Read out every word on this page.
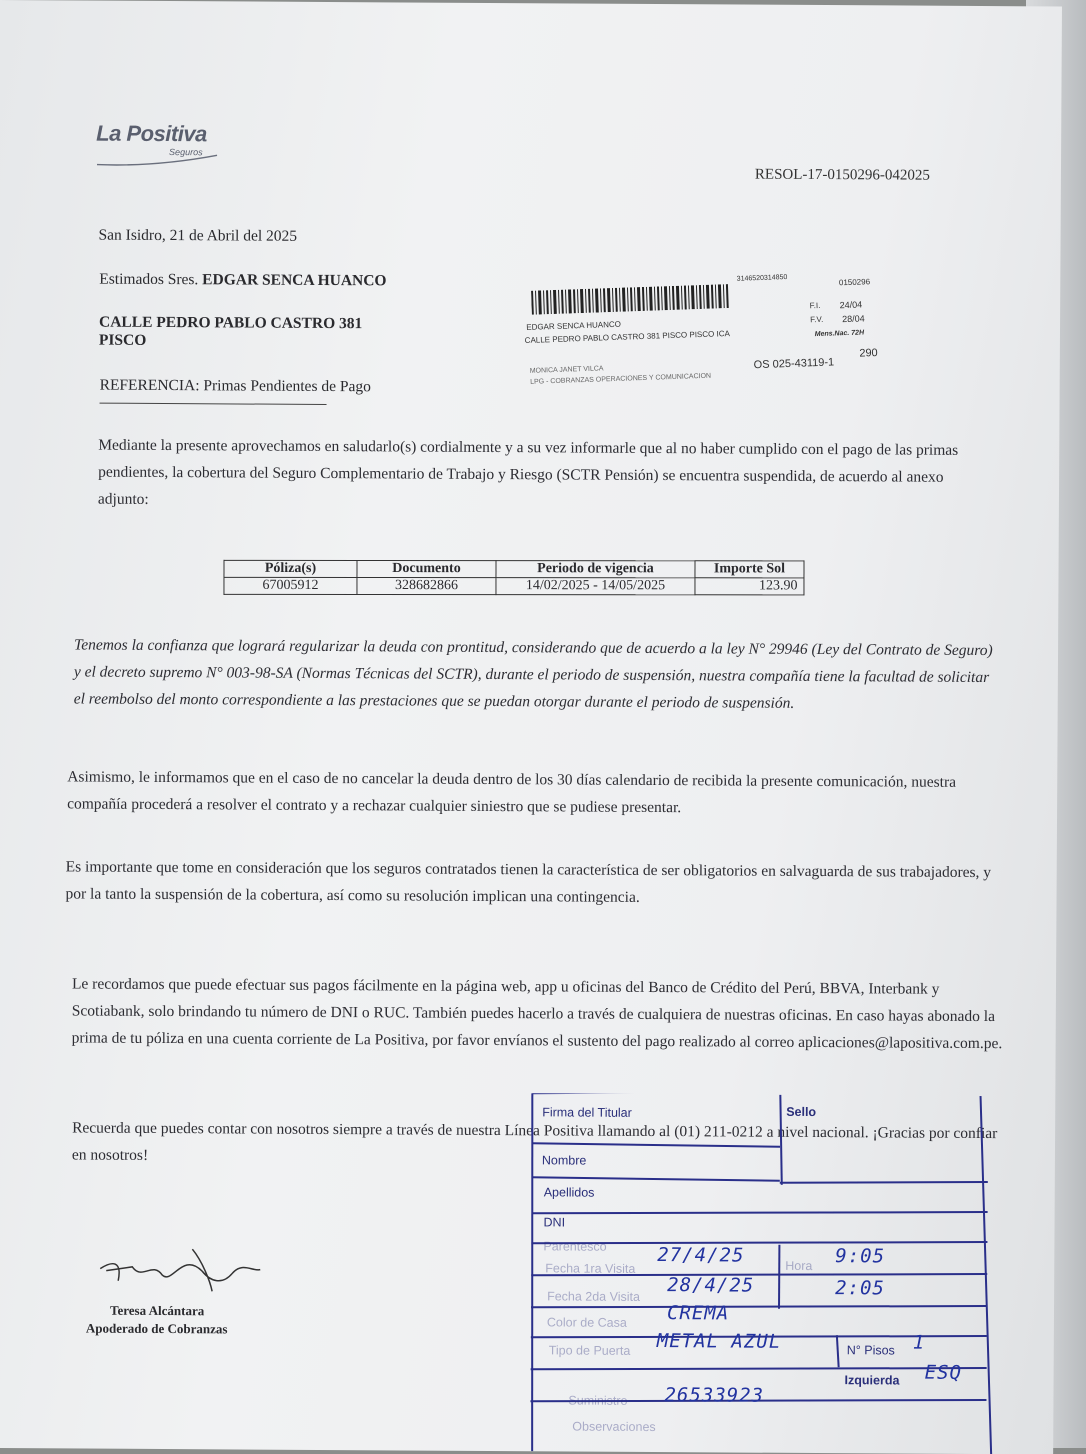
La Positiva
Seguros
RESOL-17-0150296-042025
San Isidro, 21 de Abril del 2025
Estimados Sres. EDGAR SENCA HUANCO
CALLE PEDRO PABLO CASTRO 381
PISCO
REFERENCIA: Primas Pendientes de Pago
3146520314850	0150296
EDGAR SENCA HUANCO
CALLE PEDRO PABLO CASTRO 381 PISCO PISCO ICA
F.I. 24/04
F.V. 28/04
Mens.Nac. 72H
MONICA JANET VILCA
LPG - COBRANZAS OPERACIONES Y COMUNICACION
OS 025-43119-1
290
Mediante la presente aprovechamos en saludarlo(s) cordialmente y a su vez informarle que al no haber cumplido con el pago de las primas pendientes, la cobertura del Seguro Complementario de Trabajo y Riesgo (SCTR Pensión) se encuentra suspendida, de acuerdo al anexo adjunto:
Póliza(s)	Documento	Periodo de vigencia	Importe Sol
67005912	328682866	14/02/2025 - 14/05/2025	123.90
Tenemos la confianza que logrará regularizar la deuda con prontitud, considerando que de acuerdo a la ley N° 29946 (Ley del Contrato de Seguro) y el decreto supremo N° 003-98-SA (Normas Técnicas del SCTR), durante el periodo de suspensión, nuestra compañía tiene la facultad de solicitar el reembolso del monto correspondiente a las prestaciones que se puedan otorgar durante el periodo de suspensión.
Asimismo, le informamos que en el caso de no cancelar la deuda dentro de los 30 días calendario de recibida la presente comunicación, nuestra compañía procederá a resolver el contrato y a rechazar cualquier siniestro que se pudiese presentar.
Es importante que tome en consideración que los seguros contratados tienen la característica de ser obligatorios en salvaguarda de sus trabajadores, y por la tanto la suspensión de la cobertura, así como su resolución implican una contingencia.
Le recordamos que puede efectuar sus pagos fácilmente en la página web, app u oficinas del Banco de Crédito del Perú, BBVA, Interbank y Scotiabank, solo brindando tu número de DNI o RUC. También puedes hacerlo a través de cualquiera de nuestras oficinas. En caso hayas abonado la prima de tu póliza en una cuenta corriente de La Positiva, por favor envíanos el sustento del pago realizado al correo aplicaciones@lapositiva.com.pe.
Recuerda que puedes contar con nosotros siempre a través de nuestra Línea Positiva llamando al (01) 211-0212 a nivel nacional. ¡Gracias por confiar en nosotros!
Teresa Alcántara
Apoderado de Cobranzas
Firma del Titular	Sello
Nombre
Apellidos
DNI
Parentesco
Fecha 1ra Visita
27/4/25	Hora 9:05
Fecha 2da Visita
28/4/25	2:05
Color de Casa CREMA
Tipo de Puerta METAL AZUL	N° Pisos 1
Izquierda ESQ
Suministro 26533923
Observaciones
